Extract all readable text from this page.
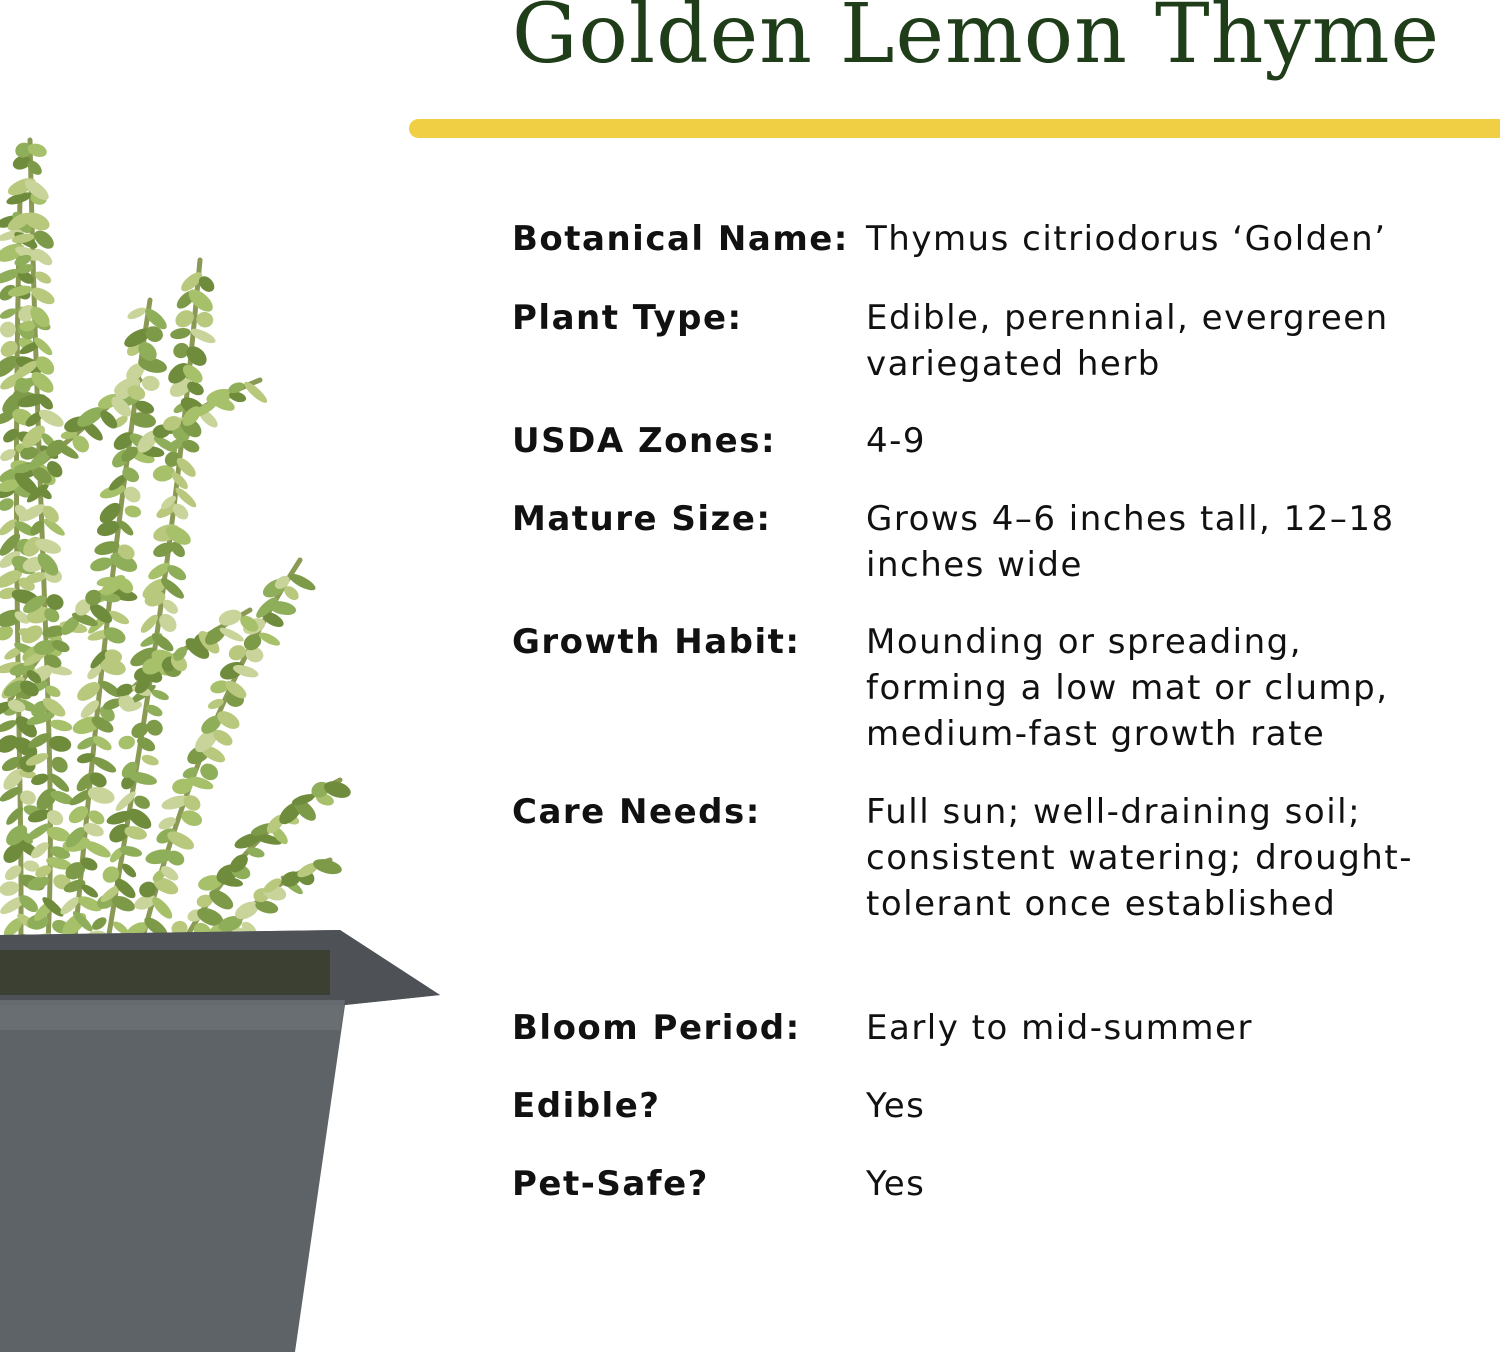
Golden Lemon Thyme
Botanical Name: Thymus citriodorus ‘Golden’
Plant Type:	Edible, perennial, evergreen variegated herb
USDA Zones:	4-9
Mature Size:	Grows 4–6 inches tall, 12–18 inches wide
Growth Habit: Mounding or spreading, forming a low mat or clump, medium-fast growth rate
Care Needs:	Full sun; well-draining soil; consistent watering; drought-tolerant once established
Bloom Period: Early to mid-summer
Edible?	Yes
Pet-Safe?	Yes
